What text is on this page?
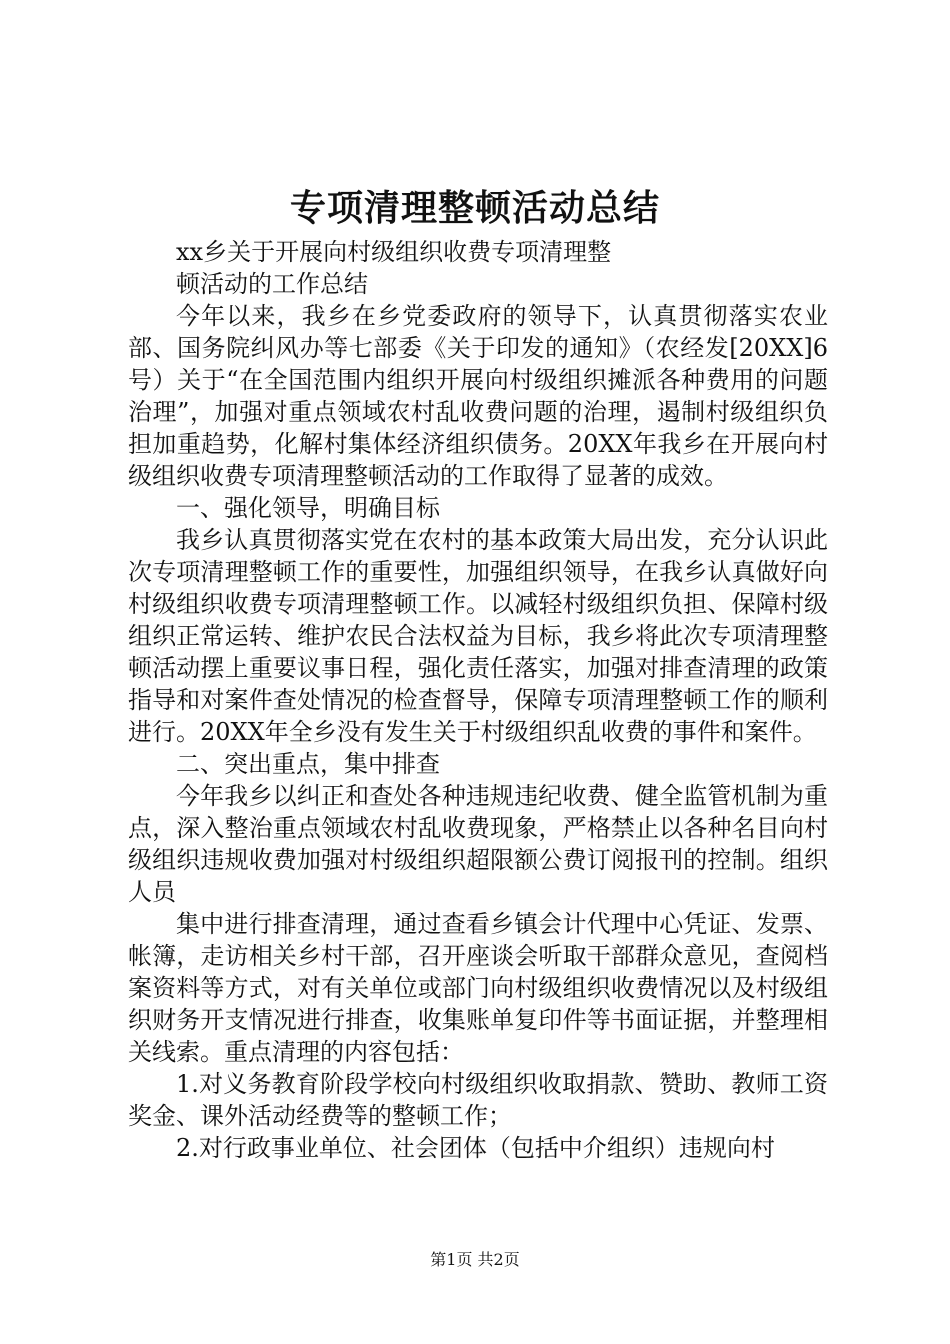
专项清理整顿活动总结

xx乡关于开展向村级组织收费专项清理整

顿活动的工作总结

今年以来，我乡在乡党委政府的领导下，认真贯彻落实农业部、国务院纠风办等七部委《关于印发的通知》（农经发[20XX]6号）关于“在全国范围内组织开展向村级组织摊派各种费用的问题治理”，加强对重点领域农村乱收费问题的治理，遏制村级组织负担加重趋势，化解村集体经济组织债务。20XX年我乡在开展向村级组织收费专项清理整顿活动的工作取得了显著的成效。

一、强化领导，明确目标

我乡认真贯彻落实党在农村的基本政策大局出发，充分认识此次专项清理整顿工作的重要性，加强组织领导，在我乡认真做好向村级组织收费专项清理整顿工作。以减轻村级组织负担、保障村级组织正常运转、维护农民合法权益为目标，我乡将此次专项清理整顿活动摆上重要议事日程，强化责任落实，加强对排查清理的政策指导和对案件查处情况的检查督导，保障专项清理整顿工作的顺利进行。20XX年全乡没有发生关于村级组织乱收费的事件和案件。

二、突出重点，集中排查

今年我乡以纠正和查处各种违规违纪收费、健全监管机制为重点，深入整治重点领域农村乱收费现象，严格禁止以各种名目向村级组织违规收费加强对村级组织超限额公费订阅报刊的控制。组织人员

集中进行排查清理，通过查看乡镇会计代理中心凭证、发票、帐簿，走访相关乡村干部，召开座谈会听取干部群众意见，查阅档案资料等方式，对有关单位或部门向村级组织收费情况以及村级组织财务开支情况进行排查，收集账单复印件等书面证据，并整理相关线索。重点清理的内容包括：

1.对义务教育阶段学校向村级组织收取捐款、赞助、教师工资奖金、课外活动经费等的整顿工作；

2.对行政事业单位、社会团体（包括中介组织）违规向村

第1页 共2页
